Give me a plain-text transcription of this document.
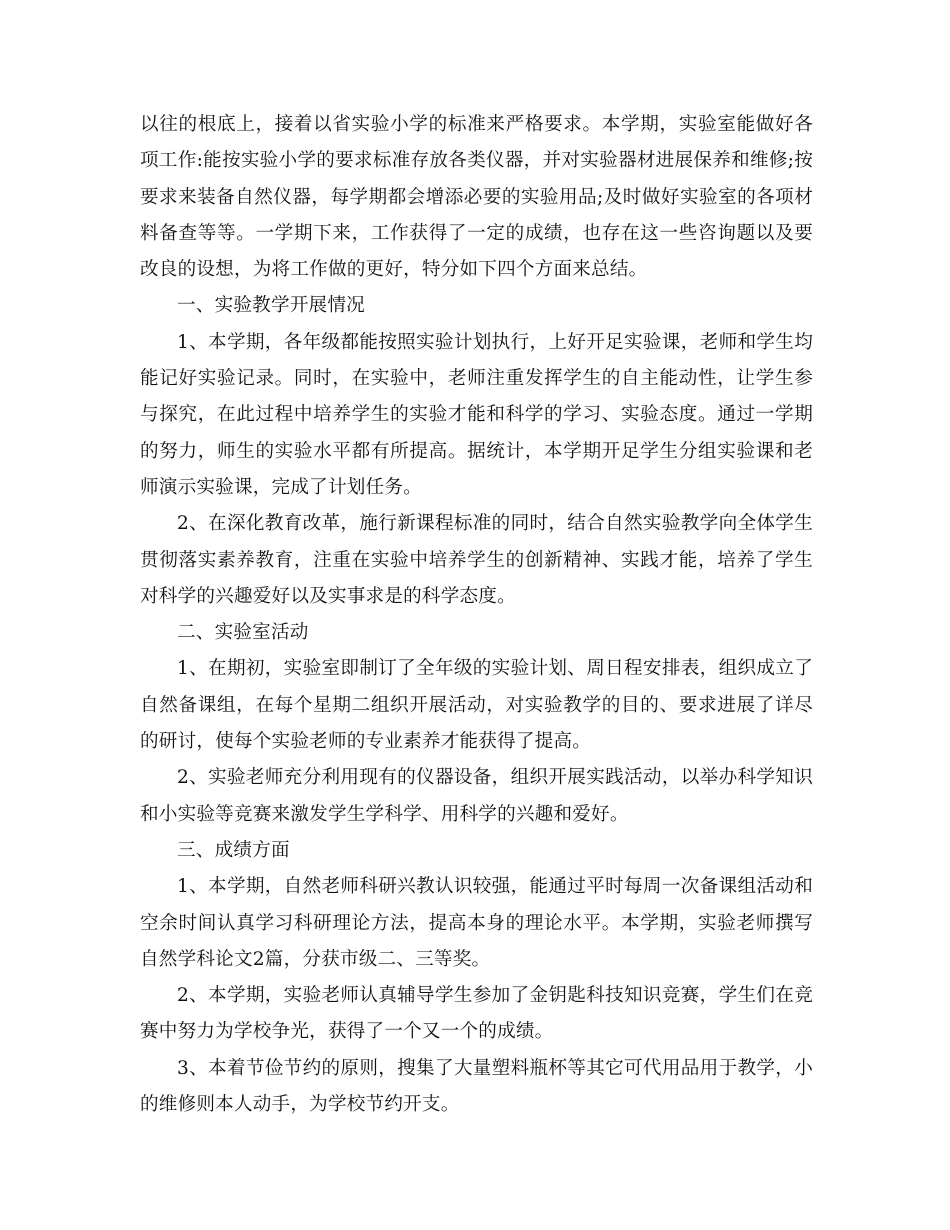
以往的根底上，接着以省实验小学的标准来严格要求。本学期，实验室能做好各项工作:能按实验小学的要求标准存放各类仪器，并对实验器材进展保养和维修;按要求来装备自然仪器，每学期都会增添必要的实验用品;及时做好实验室的各项材料备查等等。一学期下来，工作获得了一定的成绩，也存在这一些咨询题以及要改良的设想，为将工作做的更好，特分如下四个方面来总结。

一、实验教学开展情况

1、本学期，各年级都能按照实验计划执行，上好开足实验课，老师和学生均能记好实验记录。同时，在实验中，老师注重发挥学生的自主能动性，让学生参与探究，在此过程中培养学生的实验才能和科学的学习、实验态度。通过一学期的努力，师生的实验水平都有所提高。据统计，本学期开足学生分组实验课和老师演示实验课，完成了计划任务。

2、在深化教育改革，施行新课程标准的同时，结合自然实验教学向全体学生贯彻落实素养教育，注重在实验中培养学生的创新精神、实践才能，培养了学生对科学的兴趣爱好以及实事求是的科学态度。

二、实验室活动

1、在期初，实验室即制订了全年级的实验计划、周日程安排表，组织成立了自然备课组，在每个星期二组织开展活动，对实验教学的目的、要求进展了详尽的研讨，使每个实验老师的专业素养才能获得了提高。

2、实验老师充分利用现有的仪器设备，组织开展实践活动，以举办科学知识和小实验等竞赛来激发学生学科学、用科学的兴趣和爱好。

三、成绩方面

1、本学期，自然老师科研兴教认识较强，能通过平时每周一次备课组活动和空余时间认真学习科研理论方法，提高本身的理论水平。本学期，实验老师撰写自然学科论文2篇，分获市级二、三等奖。

2、本学期，实验老师认真辅导学生参加了金钥匙科技知识竞赛，学生们在竞赛中努力为学校争光，获得了一个又一个的成绩。

3、本着节俭节约的原则，搜集了大量塑料瓶杯等其它可代用品用于教学，小的维修则本人动手，为学校节约开支。
